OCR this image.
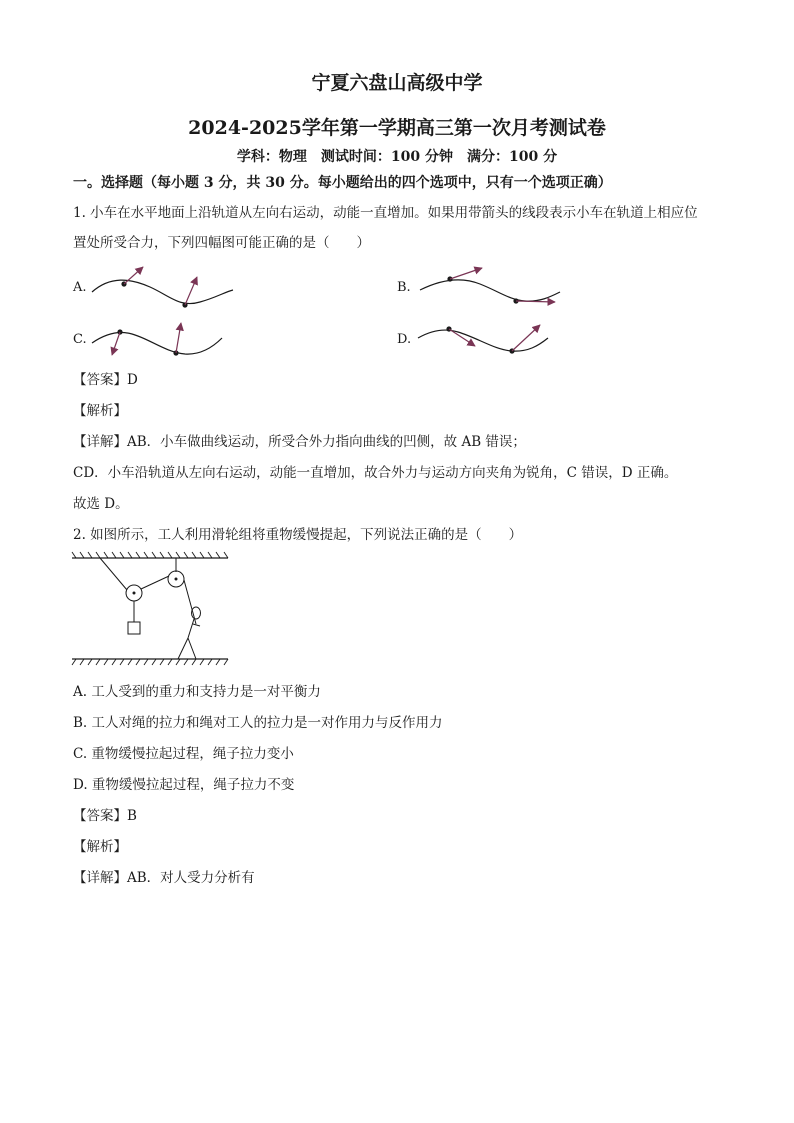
宁夏六盘山高级中学
2024-2025学年第一学期高三第一次月考测试卷
学科：物理　测试时间：100 分钟　满分：100 分
一。选择题（每小题 3 分，共 30 分。每小题给出的四个选项中，只有一个选项正确）
1. 小车在水平地面上沿轨道从左向右运动，动能一直增加。如果用带箭头的线段表示小车在轨道上相应位
置处所受合力，下列四幅图可能正确的是（　　）
A.	B.
C.	D.
【答案】D
【解析】
【详解】AB．小车做曲线运动，所受合外力指向曲线的凹侧，故 AB 错误；
CD．小车沿轨道从左向右运动，动能一直增加，故合外力与运动方向夹角为锐角，C 错误，D 正确。
故选 D。
2. 如图所示，工人利用滑轮组将重物缓慢提起，下列说法正确的是（　　）
A. 工人受到的重力和支持力是一对平衡力
B. 工人对绳的拉力和绳对工人的拉力是一对作用力与反作用力
C. 重物缓慢拉起过程，绳子拉力变小
D. 重物缓慢拉起过程，绳子拉力不变
【答案】B
【解析】
【详解】AB．对人受力分析有
